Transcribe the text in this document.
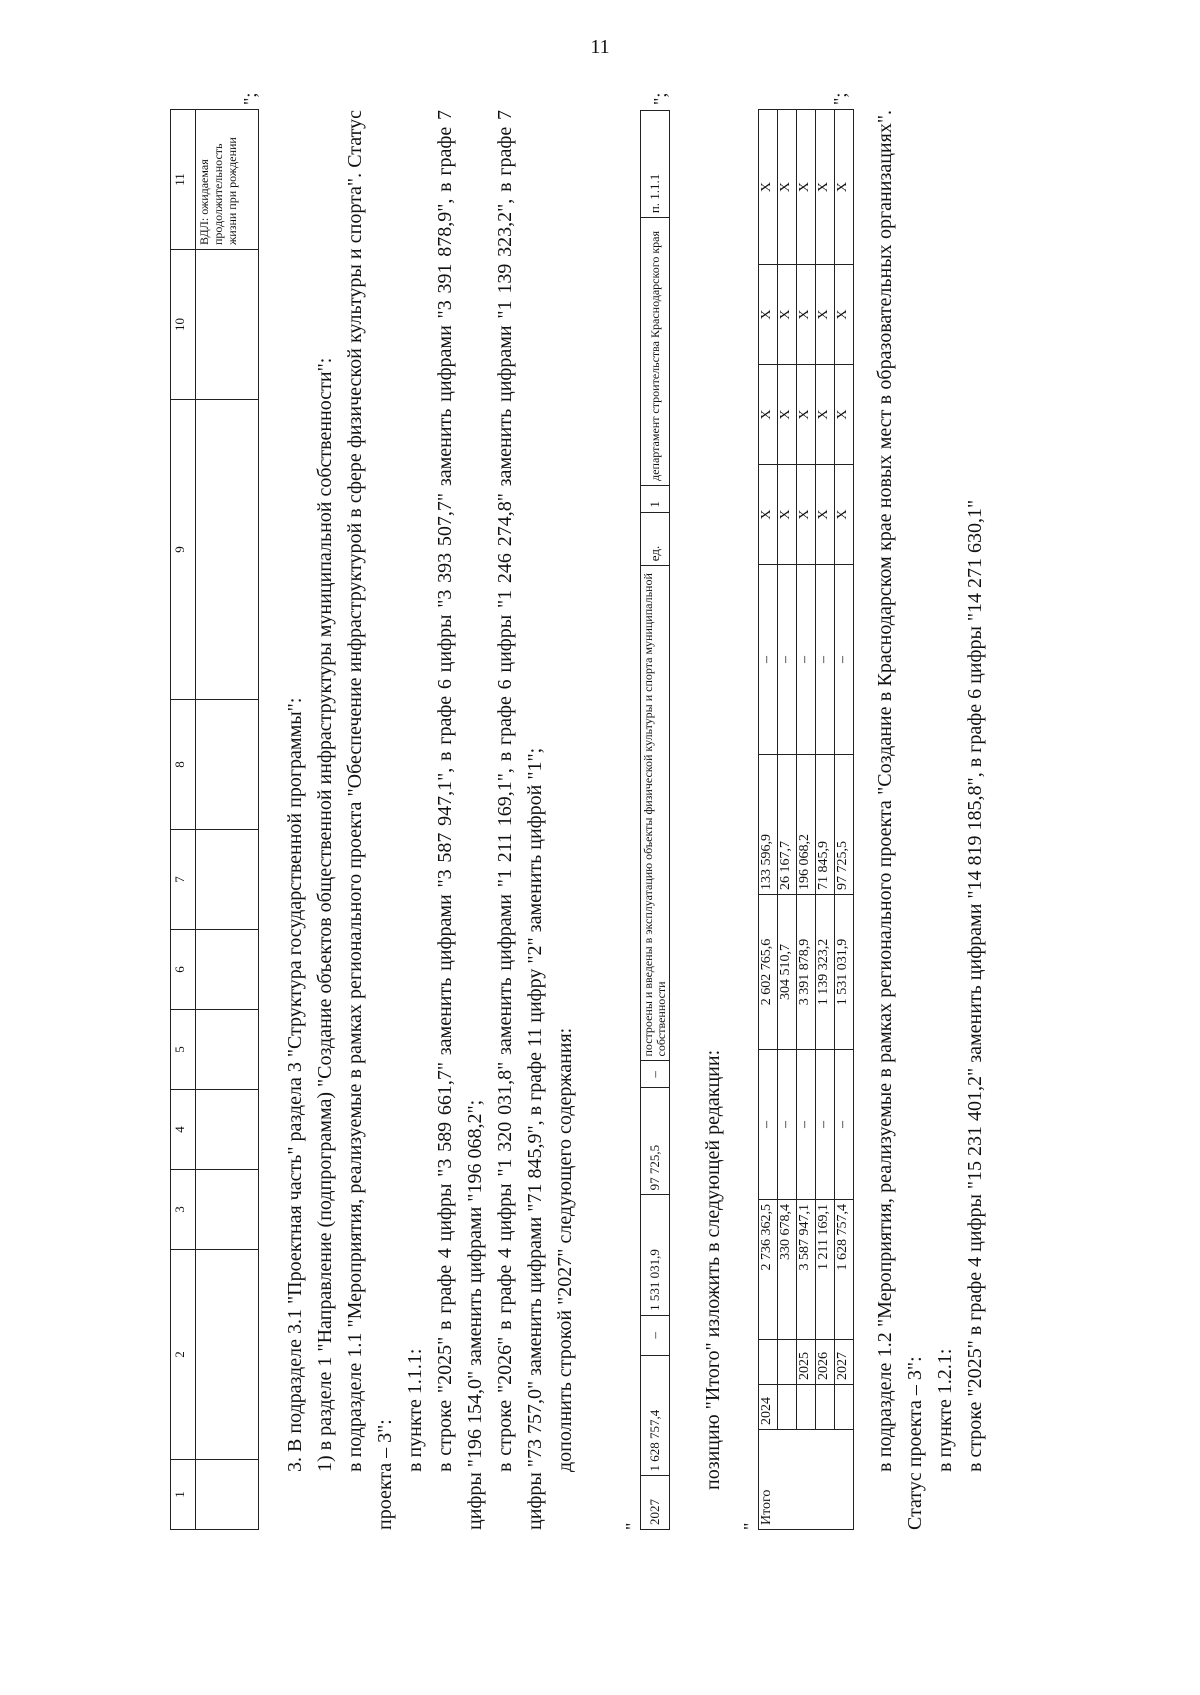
11
1	2	3	4	5	6	7	8	9	10	11
										ВДЛ: ожидаемая продолжительность жизни при рождении
";

3. В подразделе 3.1 "Проектная часть" раздела 3 "Структура государственной программы": 1) в разделе 1 "Направление (подпрограмма) "Создание объектов общественной инфраструктуры муниципальной собственности": в подразделе 1.1 "Мероприятия, реализуемые в рамках регионального проекта "Обеспечение инфраструктурой в сфере физической культуры и спорта". Статус проекта – 3":

в пункте 1.1.1: в строке "2025" в графе 4 цифры "3 589 661,7" заменить цифрами "3 587 947,1", в графе 6 цифры "3 393 507,7" заменить цифрами "3 391 878,9", в графе 7 цифры "196 154,0" заменить цифрами "196 068,2"; в строке "2026" в графе 4 цифры "1 320 031,8" заменить цифрами "1 211 169,1", в графе 6 цифры "1 246 274,8" заменить цифрами "1 139 323,2", в графе 7 цифры "73 757,0" заменить цифрами "71 845,9", в графе 11 цифру "2" заменить цифрой "1"; дополнить строкой "2027" следующего содержания:

"
2027	1 628 757,4	–	1 531 031,9	97 725,5	–	построены и введены в эксплуатацию объекты физической культуры и спорта муниципальной собственности	ед.	1	департамент строительства Краснодарского края	п. 1.1.1
";

позицию "Итого" изложить в следующей редакции:

"
Итого	2024		2 736 362,5	–	2 602 765,6	133 596,9	–	X	X	X	X
			330 678,4	–	304 510,7	26 167,7	–	X	X	X	X
		2025	3 587 947,1	–	3 391 878,9	196 068,2	–	X	X	X	X
		2026	1 211 169,1	–	1 139 323,2	71 845,9	–	X	X	X	X
		2027	1 628 757,4	–	1 531 031,9	97 725,5	–	X	X	X	X
";

в подразделе 1.2 "Мероприятия, реализуемые в рамках регионального проекта "Создание в Краснодарском крае новых мест в образовательных организациях". Статус проекта – 3": в пункте 1.2.1: в строке "2025" в графе 4 цифры "15 231 401,2" заменить цифрами "14 819 185,8", в графе 6 цифры "14 271 630,1"
